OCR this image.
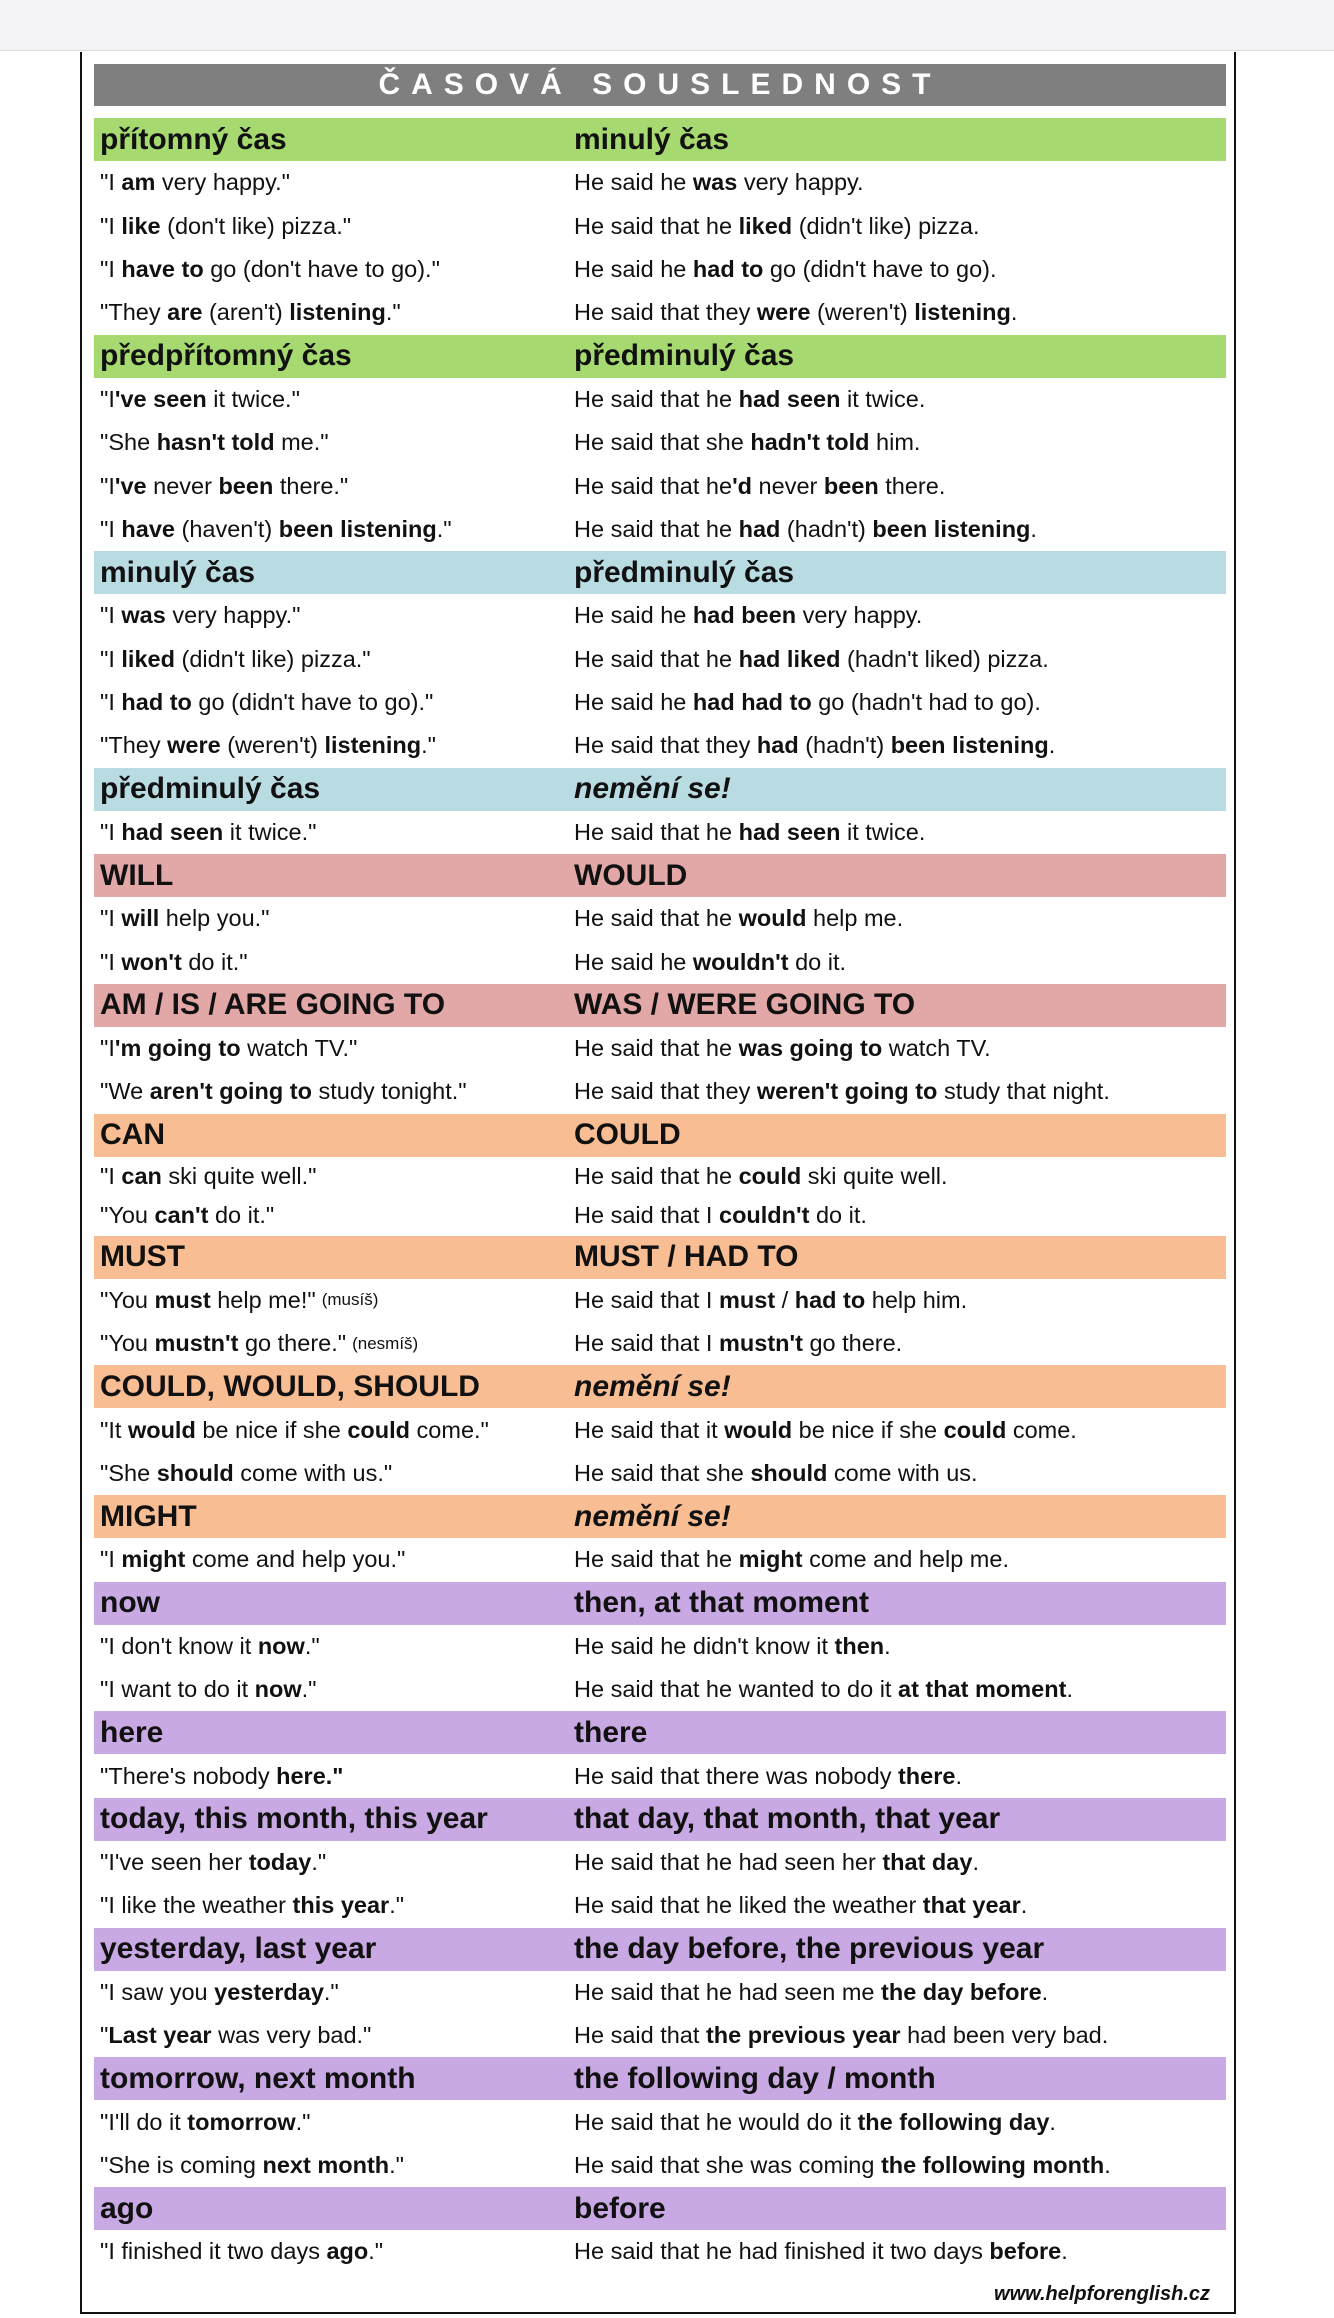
ČASOVÁ SOUSLEDNOST
přítomný čas	minulý čas
"I am very happy."	He said he was very happy.
"I like (don't like) pizza."	He said that he liked (didn't like) pizza.
"I have to go (don't have to go)."	He said he had to go (didn't have to go).
"They are (aren't) listening ."	He said that they were (weren't) listening .
předpřítomný čas	předminulý čas
"I 've seen it twice."	He said that he had seen it twice.
"She hasn't told me."	He said that she hadn't told him.
"I 've never been there."	He said that he 'd never been there.
"I have (haven't) been listening ."	He said that he had (hadn't) been listening .
minulý čas	předminulý čas
"I was very happy."	He said he had been very happy.
"I liked (didn't like) pizza."	He said that he had liked (hadn't liked) pizza.
"I had to go (didn't have to go)."	He said he had had to go (hadn't had to go).
"They were (weren't) listening ."	He said that they had (hadn't) been listening .
předminulý čas	nemění se!
"I had seen it twice."	He said that he had seen it twice.
WILL	WOULD
"I will help you."	He said that he would help me.
"I won't do it."	He said he wouldn't do it.
AM / IS / ARE GOING TO	WAS / WERE GOING TO
"I 'm going to watch TV."	He said that he was going to watch TV.
"We aren't going to study tonight."	He said that they weren't going to study that night.
CAN	COULD
"I can ski quite well."	He said that he could ski quite well.
"You can't do it."	He said that I couldn't do it.
MUST	MUST / HAD TO
"You must help me!" (musíš)	He said that I must / had to help him.
"You mustn't go there." (nesmíš)	He said that I mustn't go there.
COULD, WOULD, SHOULD	nemění se!
"It would be nice if she could come."	He said that it would be nice if she could come.
"She should come with us."	He said that she should come with us.
MIGHT	nemění se!
"I might come and help you."	He said that he might come and help me.
now	then, at that moment
"I don't know it now ."	He said he didn't know it then .
"I want to do it now ."	He said that he wanted to do it at that moment .
here	there
"There's nobody here."	He said that there was nobody there .
today, this month, this year	that day, that month, that year
"I've seen her today ."	He said that he had seen her that day .
"I like the weather this year ."	He said that he liked the weather that year .
yesterday, last year	the day before, the previous year
"I saw you yesterday ."	He said that he had seen me the day before .
" Last year was very bad."	He said that the previous year had been very bad.
tomorrow, next month	the following day / month
"I'll do it tomorrow ."	He said that he would do it the following day .
"She is coming next month ."	He said that she was coming the following month .
ago	before
"I finished it two days ago ."	He said that he had finished it two days before .
www.helpforenglish.cz
